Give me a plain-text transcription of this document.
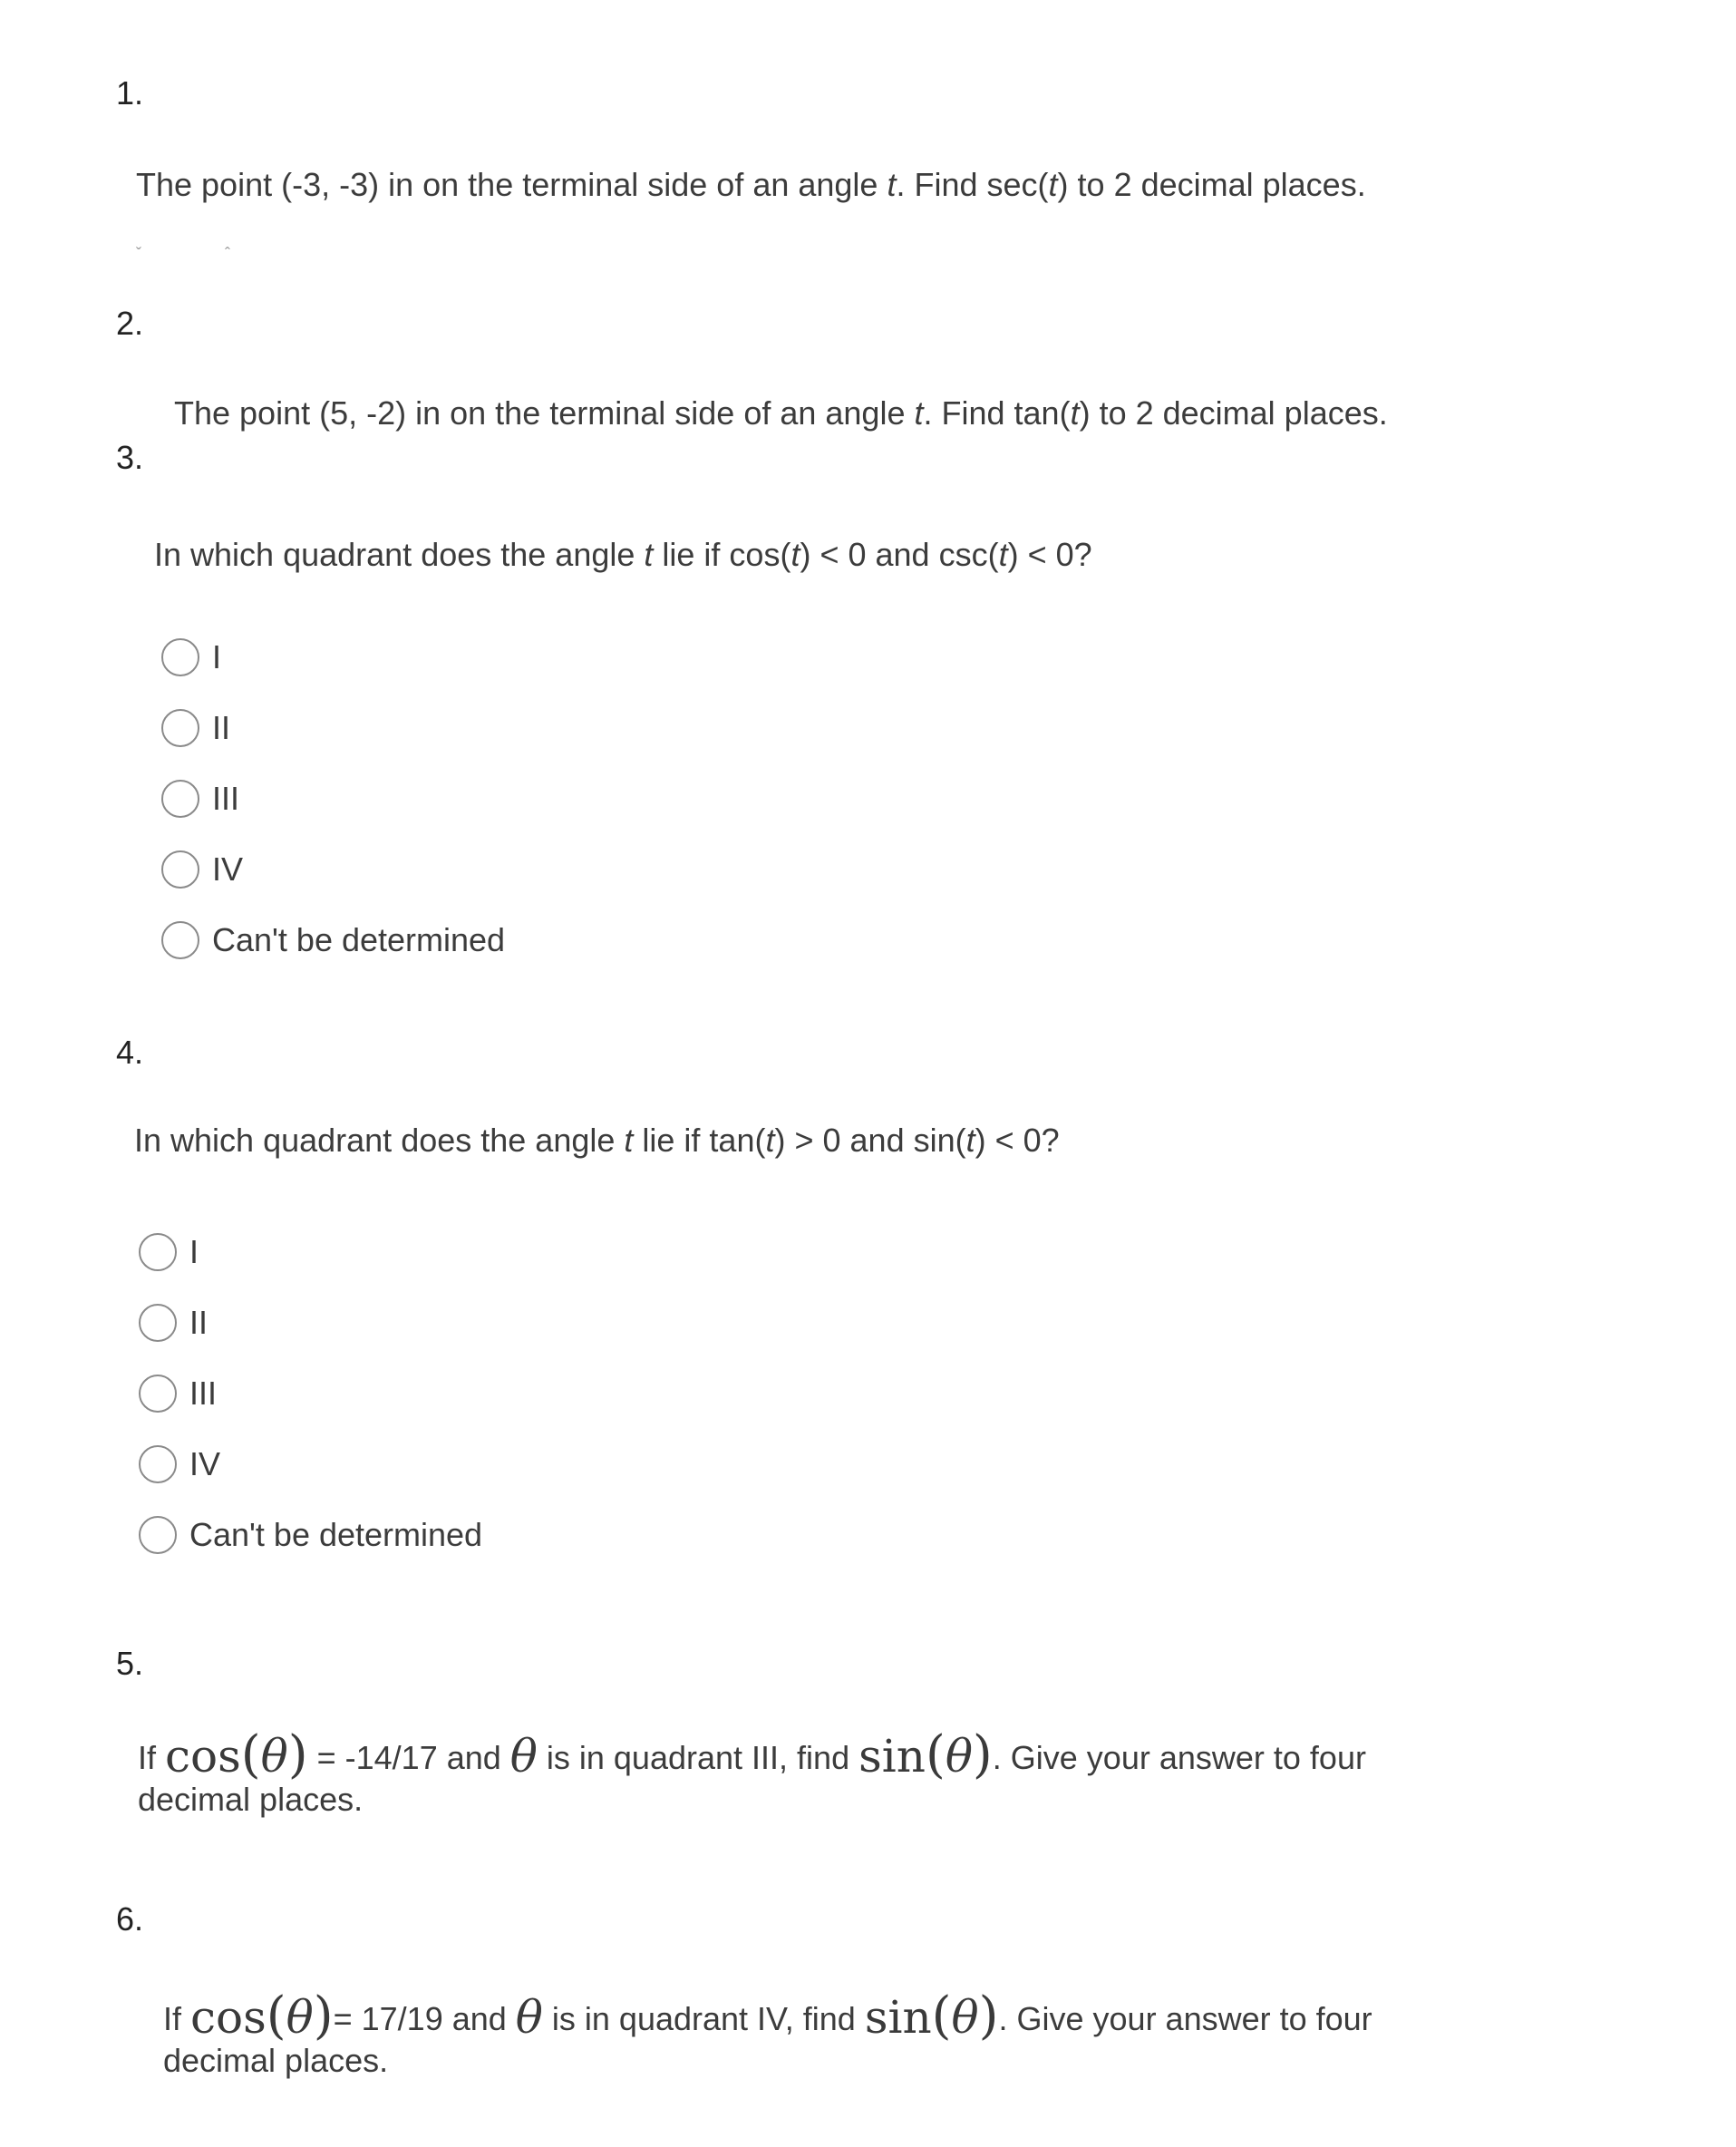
1.
The point (-3, -3) in on the terminal side of an angle t. Find sec(t) to 2 decimal places.
ˇ	ˆ
2.
The point (5, -2) in on the terminal side of an angle t. Find tan(t) to 2 decimal places.
3.
In which quadrant does the angle t lie if cos(t) < 0 and csc(t) < 0?
I
II
III
IV
Can't be determined
4.
In which quadrant does the angle t lie if tan(t) > 0 and sin(t) < 0?
I
II
III
IV
Can't be determined
5.
If cos(θ) = -14/17 and θ is in quadrant III, find sin(θ). Give your answer to four
decimal places.
6.
If cos(θ)= 17/19 and θ is in quadrant IV, find sin(θ). Give your answer to four
decimal places.
